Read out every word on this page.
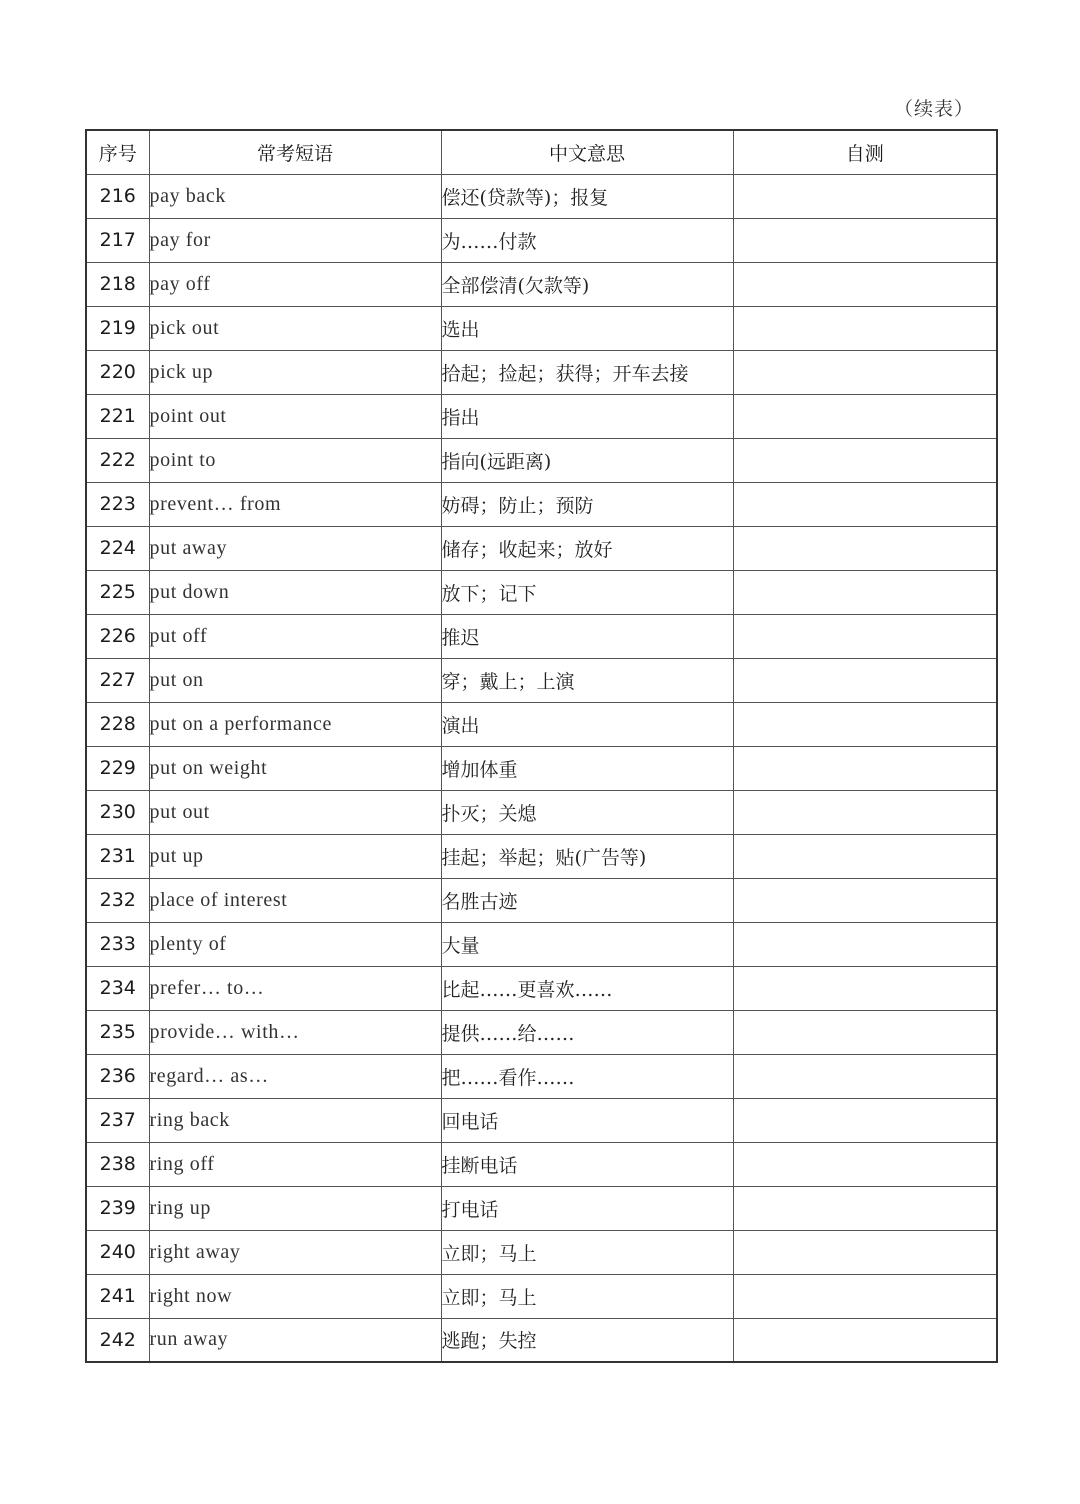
（续表）
序号	常考短语	中文意思	自测
216	pay back	偿还(贷款等)；报复	
217	pay for	为……付款	
218	pay off	全部偿清(欠款等)	
219	pick out	选出	
220	pick up	拾起；捡起；获得；开车去接	
221	point out	指出	
222	point to	指向(远距离)	
223	prevent… from	妨碍；防止；预防	
224	put away	储存；收起来；放好	
225	put down	放下；记下	
226	put off	推迟	
227	put on	穿；戴上；上演	
228	put on a performance	演出	
229	put on weight	增加体重	
230	put out	扑灭；关熄	
231	put up	挂起；举起；贴(广告等)	
232	place of interest	名胜古迹	
233	plenty of	大量	
234	prefer… to…	比起……更喜欢……	
235	provide… with…	提供……给……	
236	regard… as…	把……看作……	
237	ring back	回电话	
238	ring off	挂断电话	
239	ring up	打电话	
240	right away	立即；马上	
241	right now	立即；马上	
242	run away	逃跑；失控	
